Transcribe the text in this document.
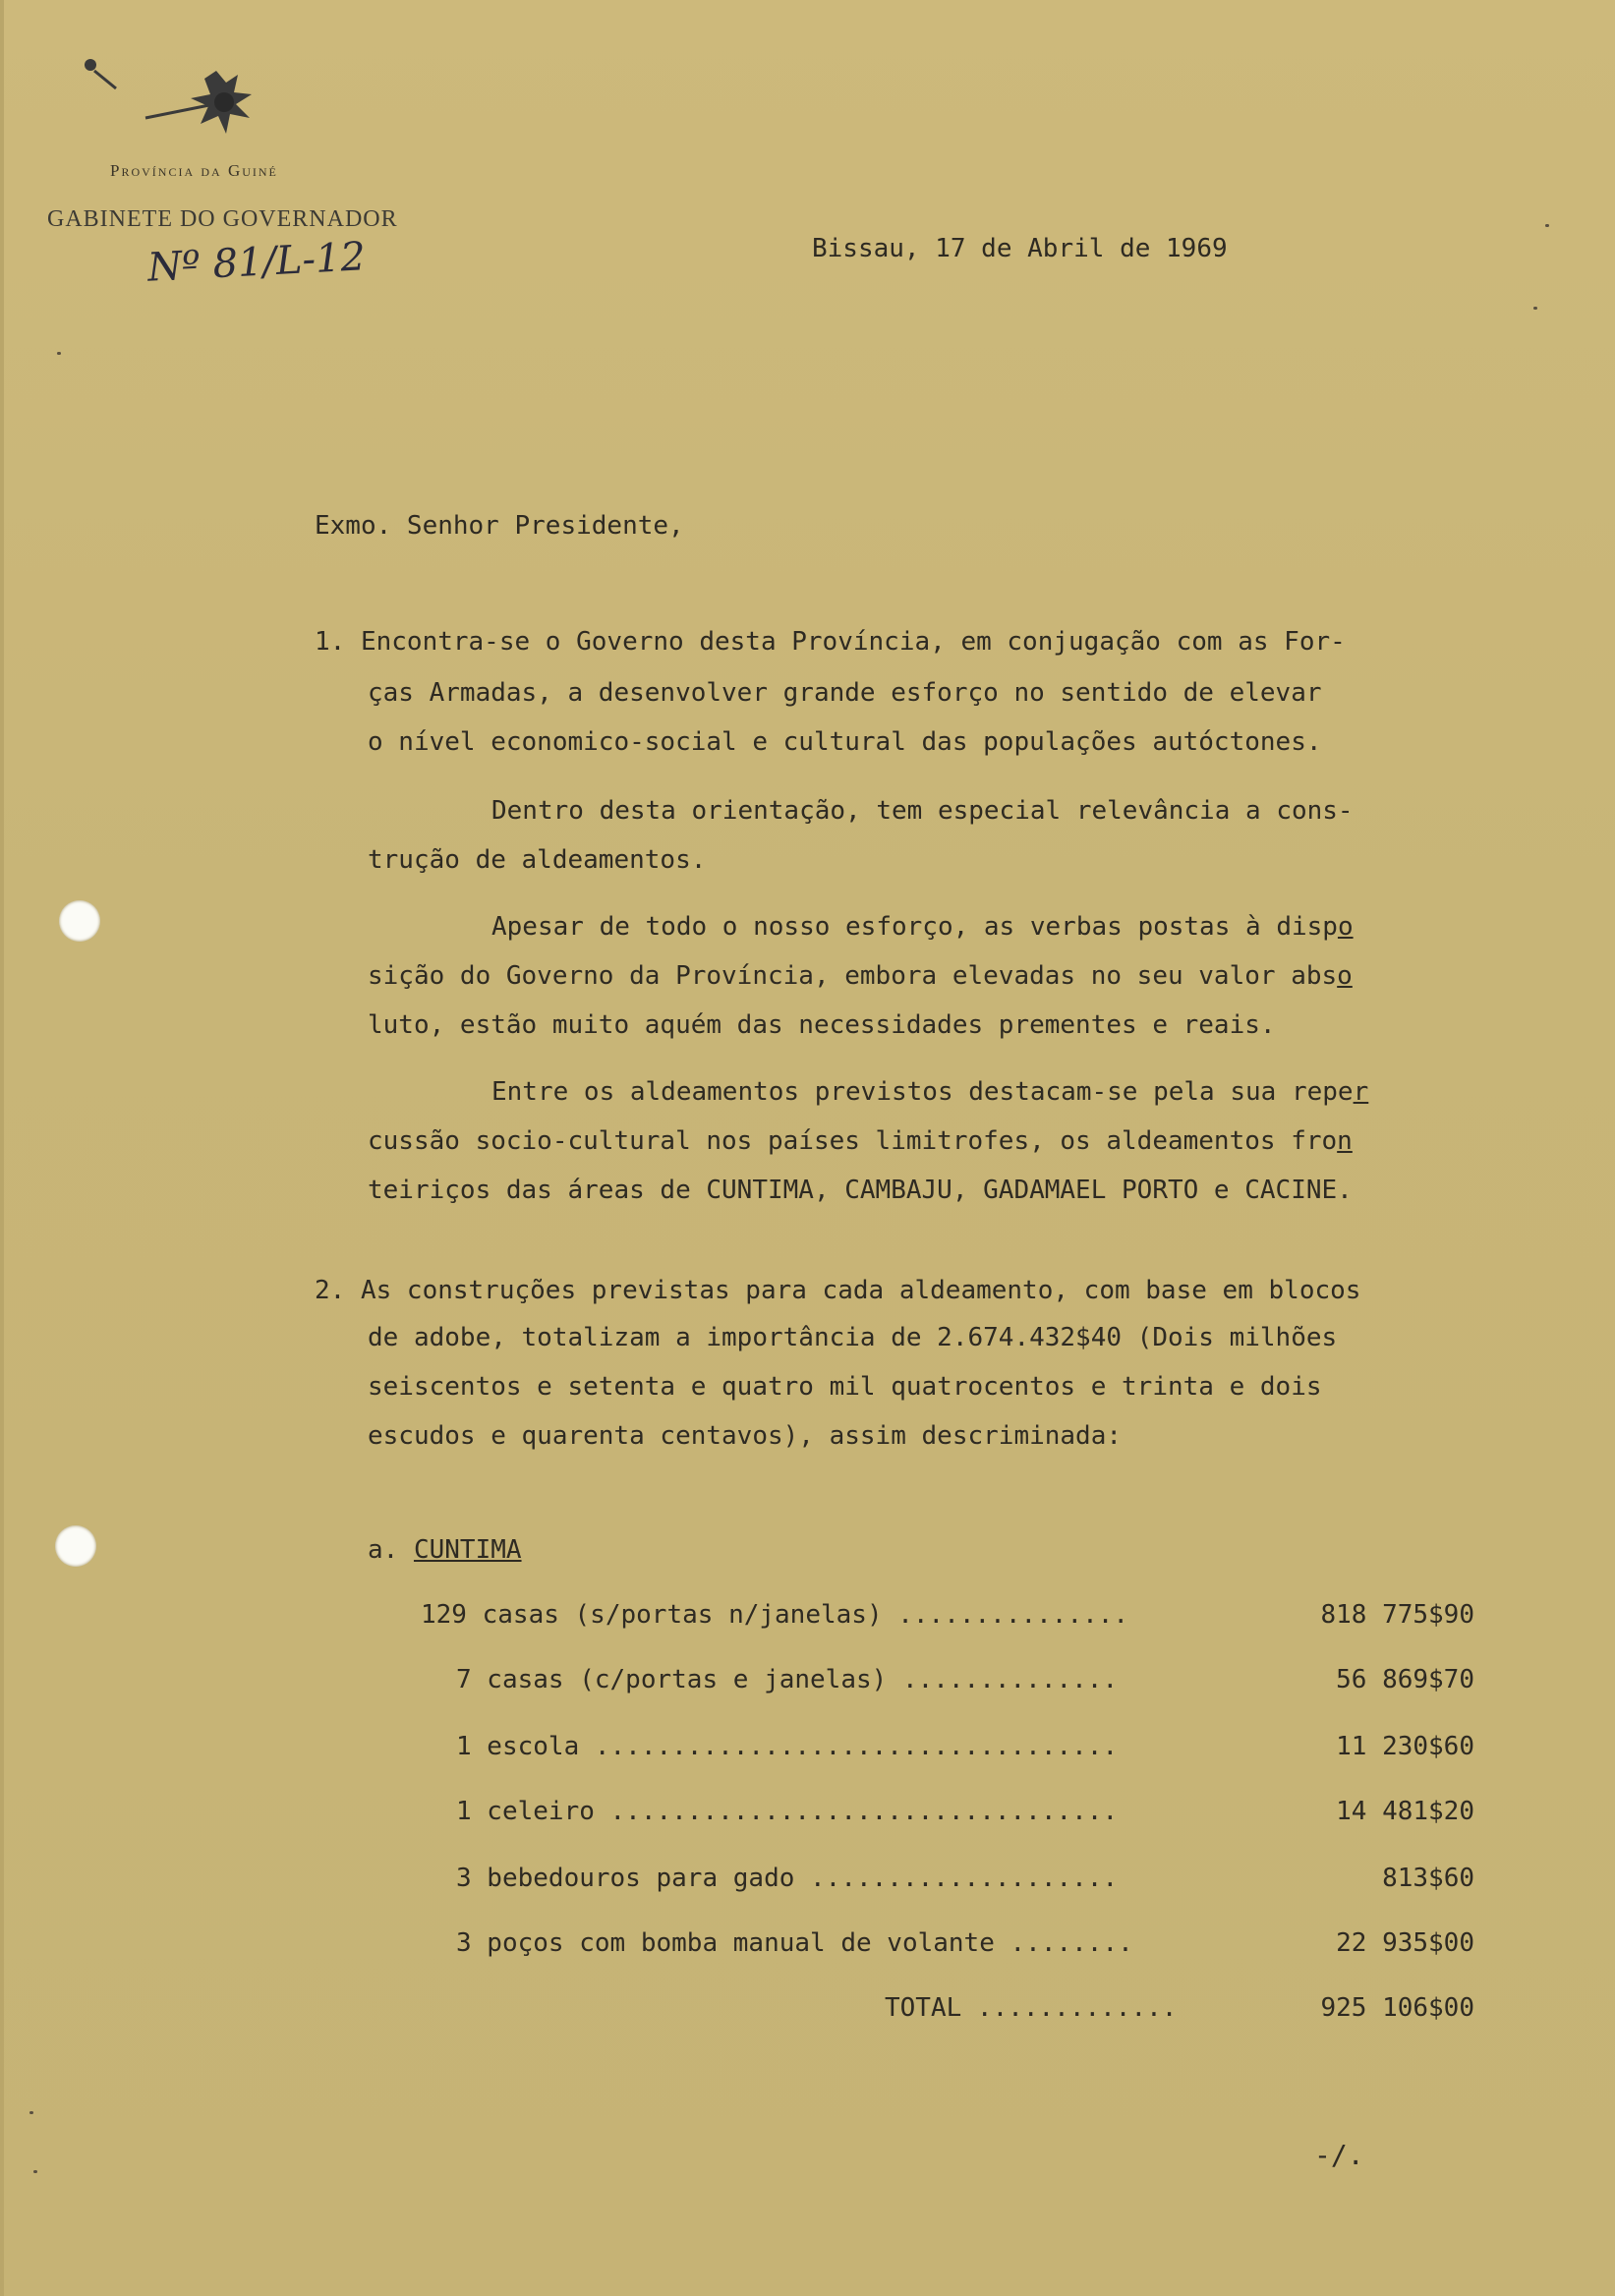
Província da Guiné
GABINETE DO GOVERNADOR
Nº 81/L-12	Bissau, 17 de Abril de 1969
Exmo. Senhor Presidente,
1. Encontra-se o Governo desta Província, em conjugação com as For-
ças Armadas, a desenvolver grande esforço no sentido de elevar
o nível economico-social e cultural das populações autóctones.
Dentro desta orientação, tem especial relevância a cons-
trução de aldeamentos.
Apesar de todo o nosso esforço, as verbas postas à dispo
sição do Governo da Província, embora elevadas no seu valor abso
luto, estão muito aquém das necessidades prementes e reais.
Entre os aldeamentos previstos destacam-se pela sua reper
cussão socio-cultural nos países limitrofes, os aldeamentos fron
teiriços das áreas de CUNTIMA, CAMBAJU, GADAMAEL PORTO e CACINE.
2. As construções previstas para cada aldeamento, com base em blocos
de adobe, totalizam a importância de 2.674.432$40 (Dois milhões
seiscentos e setenta e quatro mil quatrocentos e trinta e dois
escudos e quarenta centavos), assim descriminada:
a. CUNTIMA
129 casas (s/portas n/janelas) ...............	818 775$90
7 casas (c/portas e janelas) ..............	56 869$70
1 escola ..................................	11 230$60
1 celeiro .................................	14 481$20
3 bebedouros para gado ....................	813$60
3 poços com bomba manual de volante ........	22 935$00
TOTAL .............	925 106$00
-/.
